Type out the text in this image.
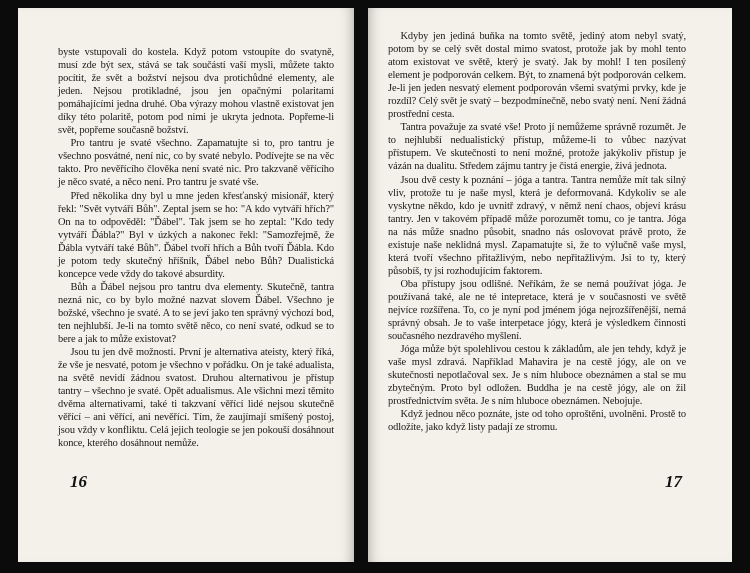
byste vstupovali do kostela. Když potom vstoupíte do svatyně, musí zde být sex, stává se tak součástí vaší mysli, můžete takto pocítit, že svět a božství nejsou dva protichůdné elementy, ale jeden. Nejsou protikladné, jsou jen opačnými polaritami pomáhajícími jedna druhé. Oba výrazy mohou vlastně existovat jen díky této polaritě, potom pod nimi je ukryta jednota. Popřeme-li svět, popřeme současně božství.

Pro tantru je svaté všechno. Zapamatujte si to, pro tantru je všechno posvátné, není nic, co by svaté nebylo. Podívejte se na věc takto. Pro nevěřícího člověka není svaté nic. Pro takzvaně věřícího je něco svaté, a něco není. Pro tantru je svaté vše.

Před několika dny byl u mne jeden křesťanský misionář, který řekl: "Svět vytváří Bůh". Zeptal jsem se ho: "A kdo vytváří hřích?" On na to odpověděl: "Ďábel". Tak jsem se ho zeptal: "Kdo tedy vytváří Ďábla?" Byl v úzkých a nakonec řekl: "Samozřejmě, že Ďábla vytváří také Bůh". Ďábel tvoří hřích a Bůh tvoří Ďábla. Kdo je potom tedy skutečný hříšník, Ďábel nebo Bůh? Dualistická koncepce vede vždy do takové absurdity.

Bůh a Ďábel nejsou pro tantru dva elementy. Skutečně, tantra nezná nic, co by bylo možné nazvat slovem Ďábel. Všechno je božské, všechno je svaté. A to se jeví jako ten správný výchozí bod, ten nejhlubší. Je-li na tomto světě něco, co není svaté, odkud se to bere a jak to může existovat?

Jsou tu jen dvě možnosti. První je alternativa ateisty, který říká, že vše je nesvaté, potom je všechno v pořádku. On je také adualista, na světě nevidí žádnou svatost. Druhou alternativou je přístup tantry – všechno je svaté. Opět adualismus. Ale všichni mezi těmito dvěma alternativami, také ti takzvaní věřící lidé nejsou skutečně věřící – ani věřící, ani nevěřící. Tím, že zaujímají smíšený postoj, jsou vždy v konfliktu. Celá jejich teologie se jen pokouší dosáhnout konce, kterého dosáhnout nemůže.

16

Kdyby jen jediná buňka na tomto světě, jediný atom nebyl svatý, potom by se celý svět dostal mimo svatost, protože jak by mohl tento atom existovat ve světě, který je svatý. Jak by mohl! I ten posílený element je podporován celkem. Být, to znamená být podporován celkem. Je-li jen jeden nesvatý element podporován všemi svatými prvky, kde je rozdíl? Celý svět je svatý – bezpodmínečně, nebo svatý není. Není žádná prostřední cesta.

Tantra považuje za svaté vše! Proto jí nemůžeme správně rozumět. Je to nejhlubší nedualistický přístup, můžeme-li to vůbec nazývat přístupem. Ve skutečnosti to není možné, protože jakýkoliv přístup je vázán na dualitu. Středem zájmu tantry je čistá energie, živá jednota.

Jsou dvě cesty k poznání – jóga a tantra. Tantra nemůže mít tak silný vliv, protože tu je naše mysl, která je deformovaná. Kdykoliv se ale vyskytne někdo, kdo je uvnitř zdravý, v němž není chaos, objeví krásu tantry. Jen v takovém případě může porozumět tomu, co je tantra. Jóga na nás může snadno působit, snadno nás oslovovat právě proto, že existuje naše neklidná mysl. Zapamatujte si, že to výlučně vaše mysl, která tvoří všechno přitažlivým, nebo nepřitažlivým. Jsi to ty, který působíš, ty jsi rozhodujícím faktorem.

Oba přístupy jsou odlišné. Neříkám, že se nemá používat jóga. Je používaná také, ale ne té intepretace, která je v současnosti ve světě nejvíce rozšířena. To, co je nyní pod jménem jóga nejrozšířenější, nemá správný obsah. Je to vaše interpetace jógy, která je výsledkem činnosti současného nezdravého myšlení.

Jóga může být spolehlivou cestou k základům, ale jen tehdy, když je vaše mysl zdravá. Například Mahavira je na cestě jógy, ale on ve skutečnosti nepotlačoval sex. Je s ním hluboce obeznámen a stal se mu zbytečným. Proto byl odložen. Buddha je na cestě jógy, ale on žil prostřednictvím světa. Je s ním hluboce obeznámen. Nebojuje.

Když jednou něco poznáte, jste od toho oproštěni, uvolněni. Prostě to odložíte, jako když listy padají ze stromu.

17
